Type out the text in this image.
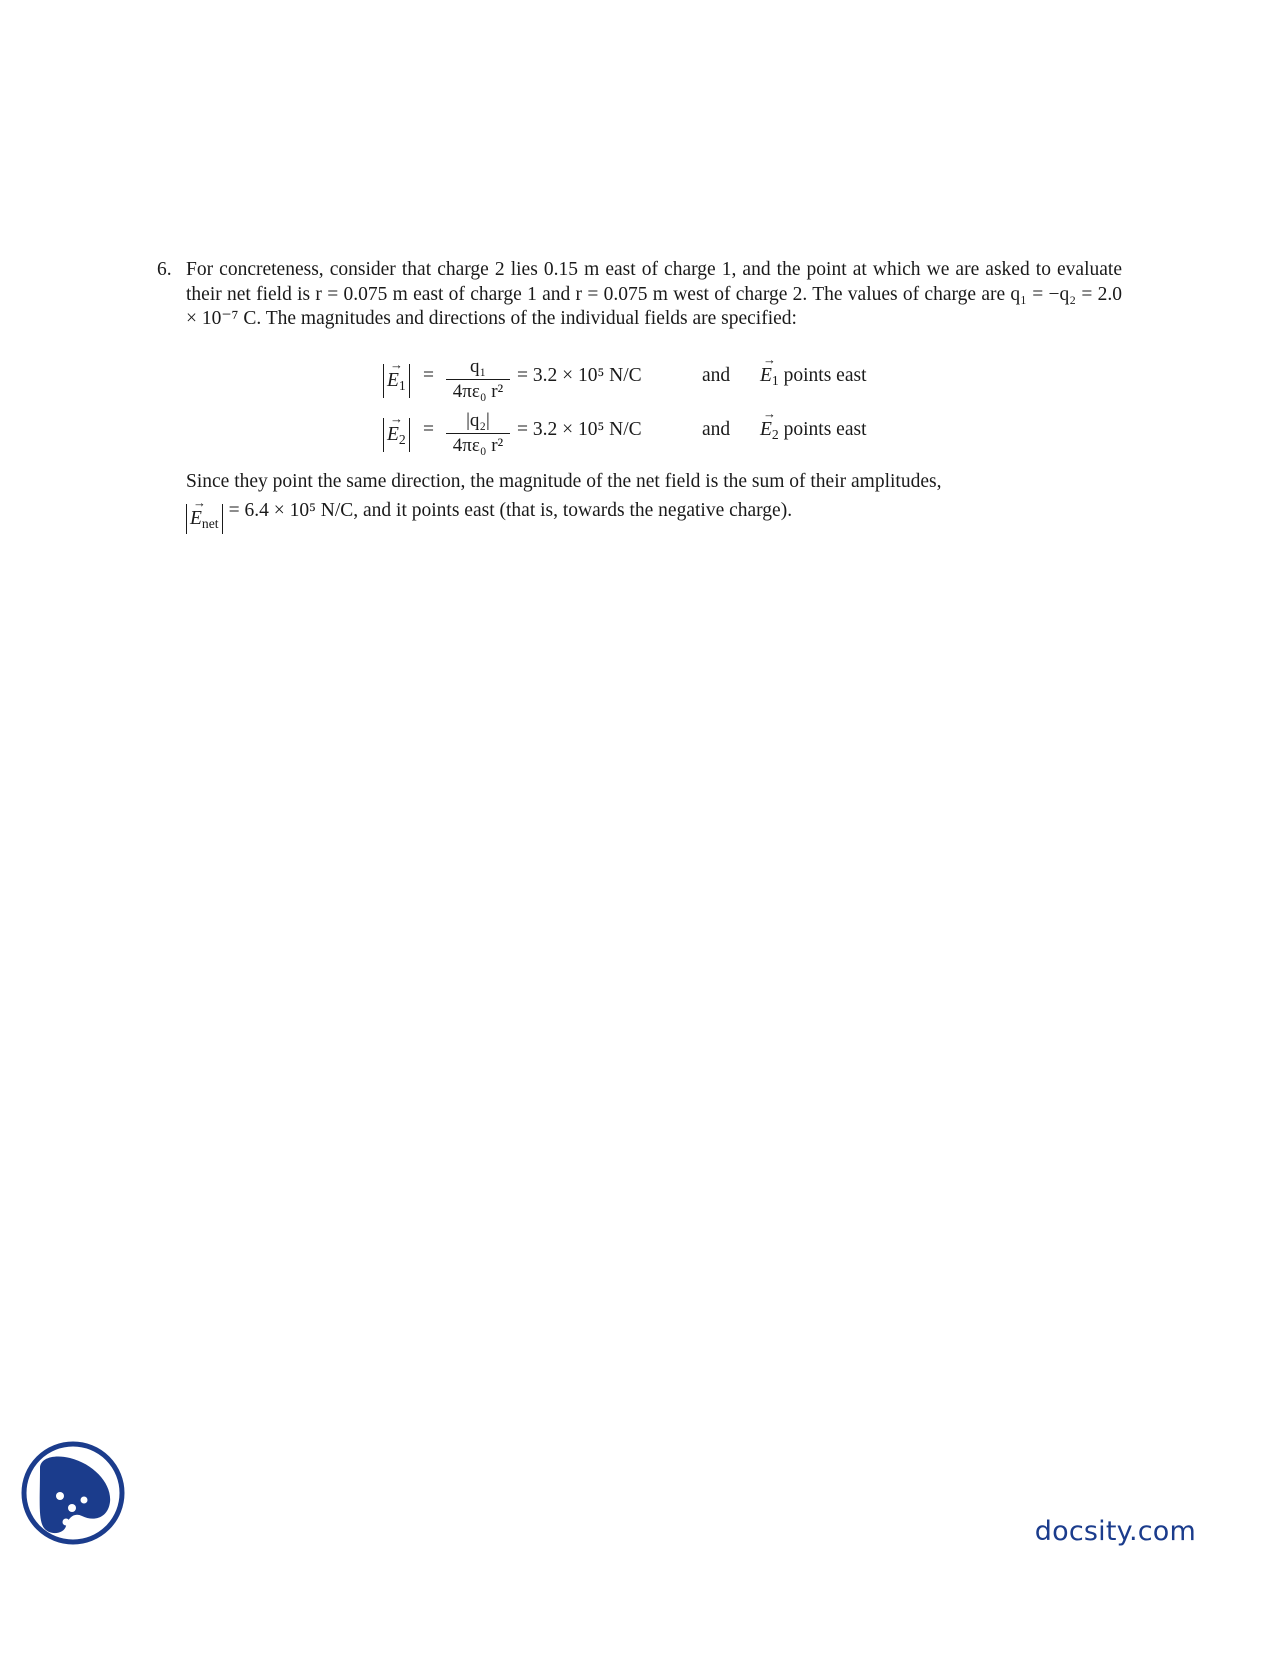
6. For concreteness, consider that charge 2 lies 0.15 m east of charge 1, and the point at which we are asked to evaluate their net field is r = 0.075 m east of charge 1 and r = 0.075 m west of charge 2. The values of charge are q₁ = −q₂ = 2.0 × 10⁻⁷ C. The magnitudes and directions of the individual fields are specified:

→ $E_1$ =	q₁
4πε₀ r²
= 3.2 × 10⁵ N/C	and → $E_1$ points east
→ $E_2$ =	|q₂|
4πε₀ r²
= 3.2 × 10⁵ N/C	and → $E_2$ points east

Since they point the same direction, the magnitude of the net field is the sum of their amplitudes,

→ $E_{net}= 6.4 \times 10^5$ N/C, and it points east (that is, towards the negative charge).

docsity.com
